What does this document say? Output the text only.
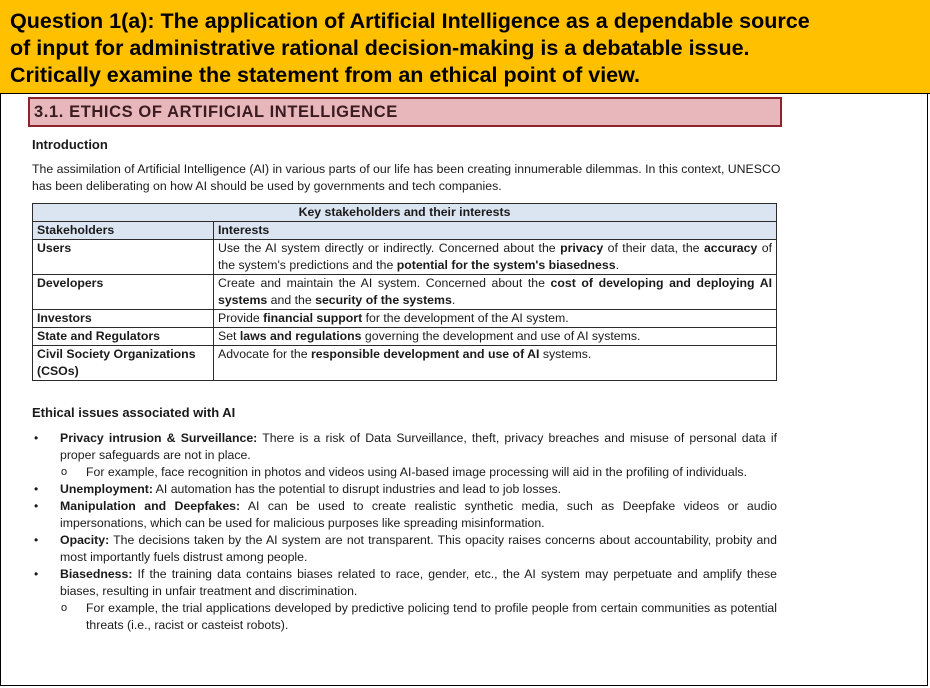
Question 1(a): The application of Artificial Intelligence as a dependable source
of input for administrative rational decision-making is a debatable issue.
Critically examine the statement from an ethical point of view.
3.1. ETHICS OF ARTIFICIAL INTELLIGENCE
Introduction
The assimilation of Artificial Intelligence (AI) in various parts of our life has been creating innumerable dilemmas. In this context, UNESCO has been deliberating on how AI should be used by governments and tech companies.
Key stakeholders and their interests	
Stakeholders	Interests
Users	Use the AI system directly or indirectly. Concerned about the privacy of their data, the accuracy of the system's predictions and the potential for the system's biasedness.
Developers	Create and maintain the AI system. Concerned about the cost of developing and deploying AI systems and the security of the systems.
Investors	Provide financial support for the development of the AI system.
State and Regulators	Set laws and regulations governing the development and use of AI systems.
Civil Society Organizations (CSOs)	Advocate for the responsible development and use of AI systems.
Ethical issues associated with AI
• Privacy intrusion & Surveillance: There is a risk of Data Surveillance, theft, privacy breaches and misuse of personal data if proper safeguards are not in place.
o For example, face recognition in photos and videos using AI-based image processing will aid in the profiling of individuals.
• Unemployment: AI automation has the potential to disrupt industries and lead to job losses.
• Manipulation and Deepfakes: AI can be used to create realistic synthetic media, such as Deepfake videos or audio impersonations, which can be used for malicious purposes like spreading misinformation.
• Opacity: The decisions taken by the AI system are not transparent. This opacity raises concerns about accountability, probity and most importantly fuels distrust among people.
• Biasedness: If the training data contains biases related to race, gender, etc., the AI system may perpetuate and amplify these biases, resulting in unfair treatment and discrimination.
o For example, the trial applications developed by predictive policing tend to profile people from certain communities as potential threats (i.e., racist or casteist robots).
